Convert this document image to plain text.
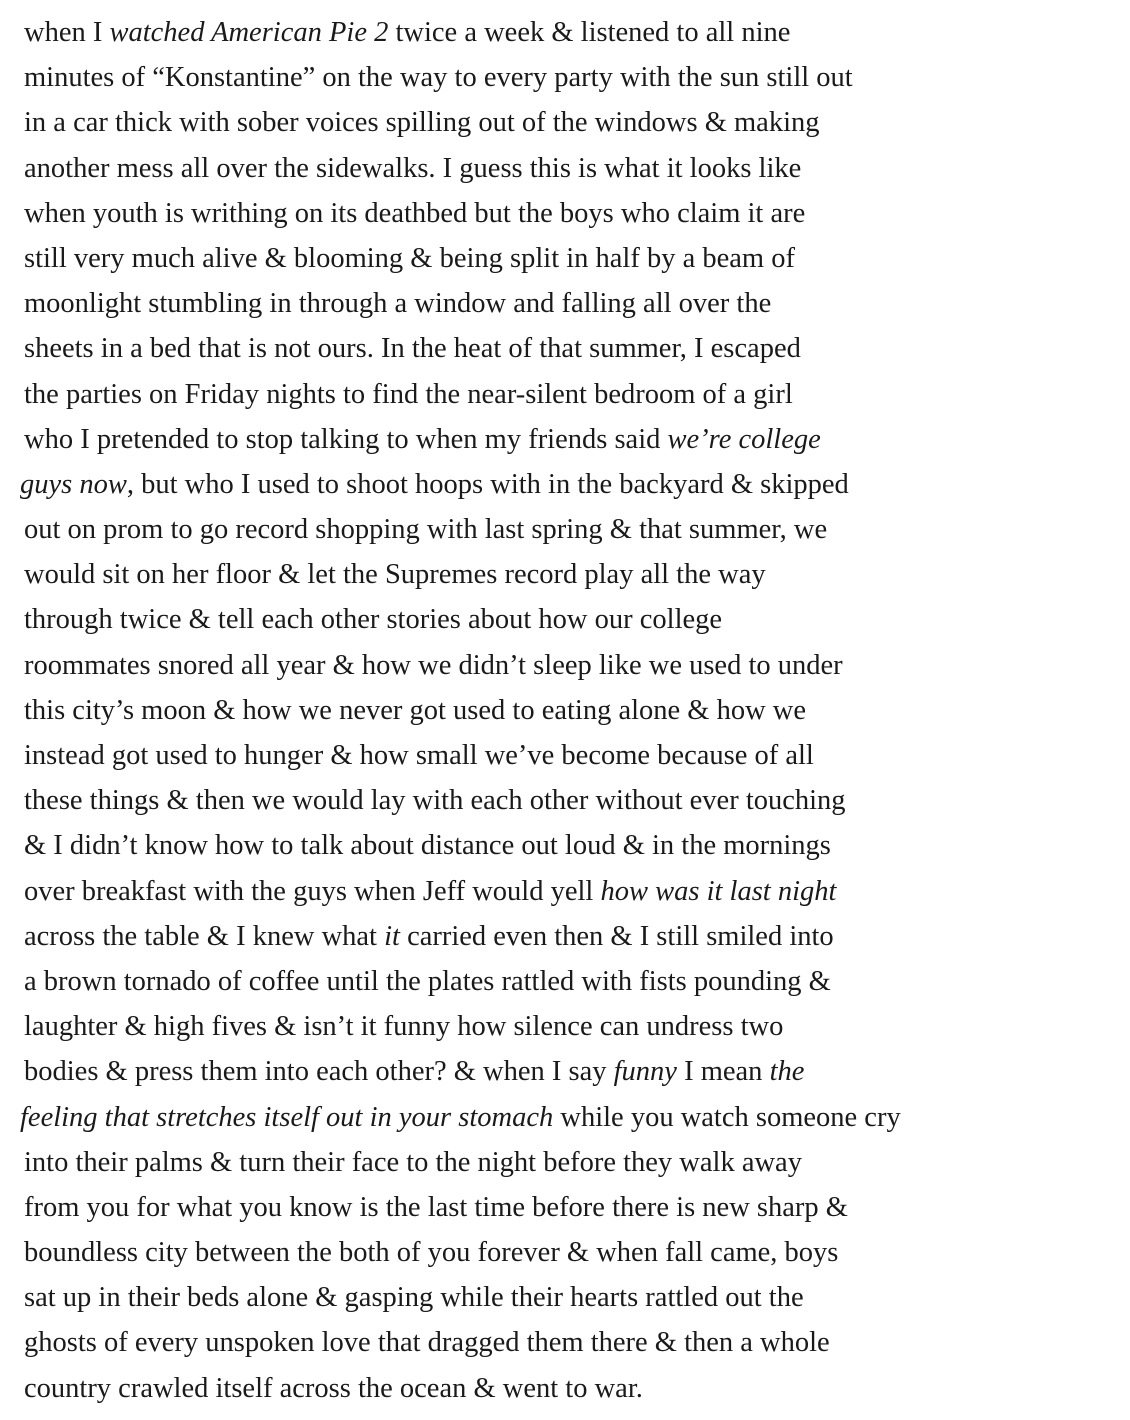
when I watched American Pie 2 twice a week & listened to all nine
minutes of “Konstantine” on the way to every party with the sun still out
in a car thick with sober voices spilling out of the windows & making
another mess all over the sidewalks. I guess this is what it looks like
when youth is writhing on its deathbed but the boys who claim it are
still very much alive & blooming & being split in half by a beam of
moonlight stumbling in through a window and falling all over the
sheets in a bed that is not ours. In the heat of that summer, I escaped
the parties on Friday nights to find the near-silent bedroom of a girl
who I pretended to stop talking to when my friends said we’re college
guys now, but who I used to shoot hoops with in the backyard & skipped
out on prom to go record shopping with last spring & that summer, we
would sit on her floor & let the Supremes record play all the way
through twice & tell each other stories about how our college
roommates snored all year & how we didn’t sleep like we used to under
this city’s moon & how we never got used to eating alone & how we
instead got used to hunger & how small we’ve become because of all
these things & then we would lay with each other without ever touching
& I didn’t know how to talk about distance out loud & in the mornings
over breakfast with the guys when Jeff would yell how was it last night
across the table & I knew what it carried even then & I still smiled into
a brown tornado of coffee until the plates rattled with fists pounding &
laughter & high fives & isn’t it funny how silence can undress two
bodies & press them into each other? & when I say funny I mean the
feeling that stretches itself out in your stomach while you watch someone cry
into their palms & turn their face to the night before they walk away
from you for what you know is the last time before there is new sharp &
boundless city between the both of you forever & when fall came, boys
sat up in their beds alone & gasping while their hearts rattled out the
ghosts of every unspoken love that dragged them there & then a whole
country crawled itself across the ocean & went to war.
